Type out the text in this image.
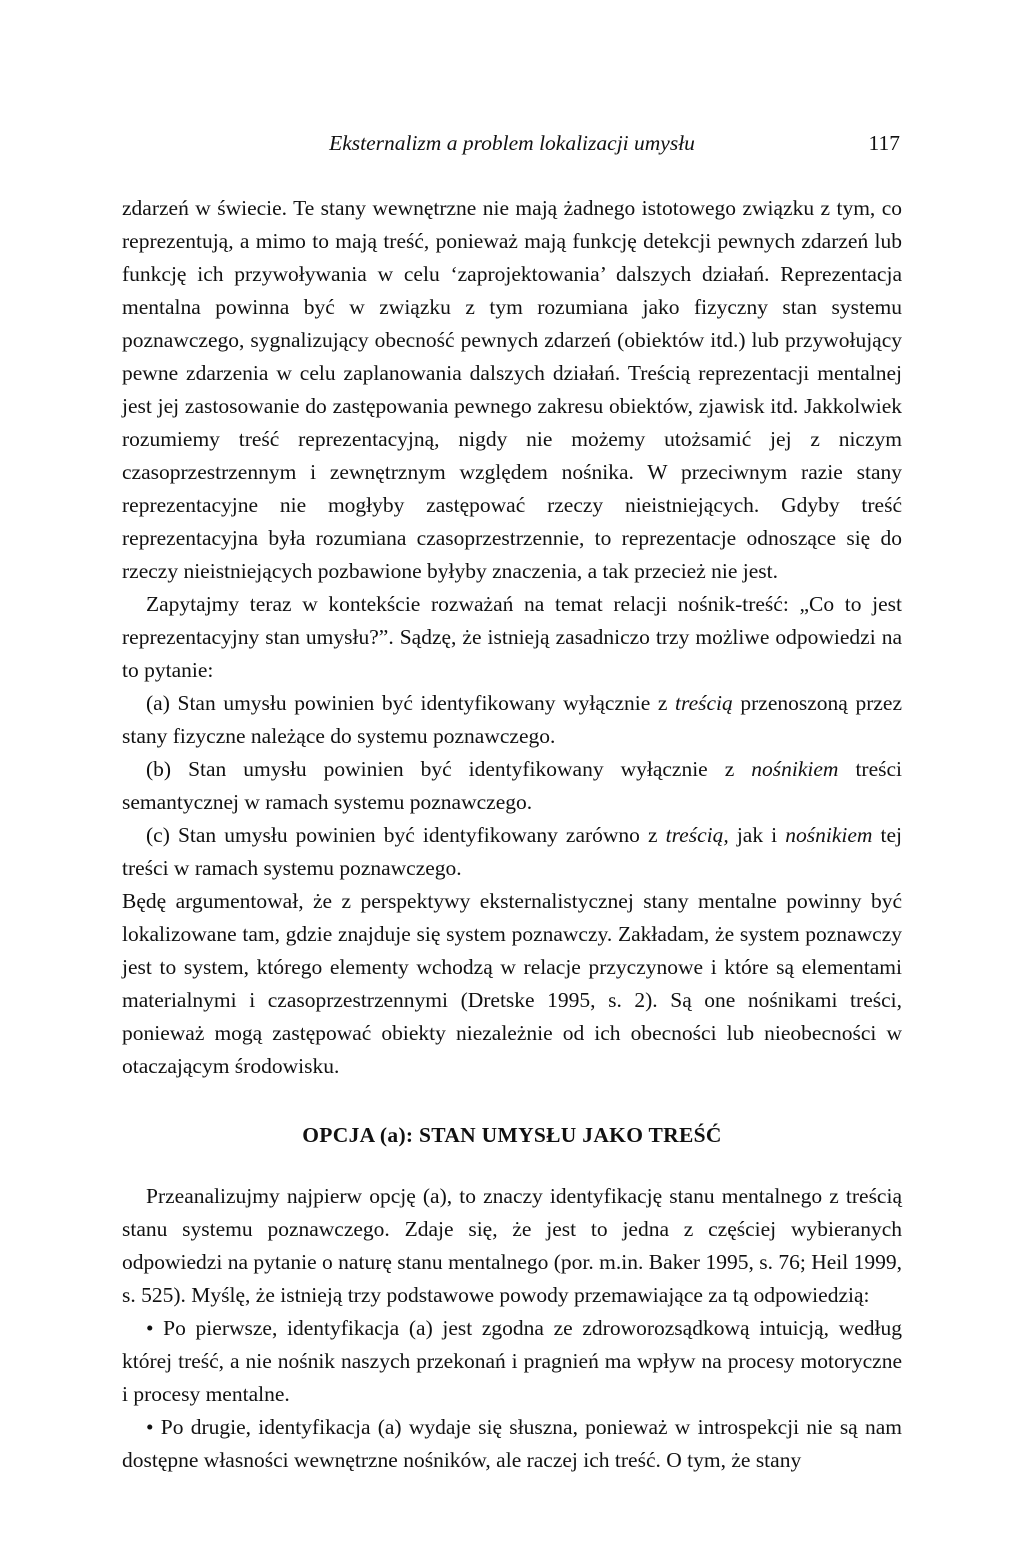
Eksternalizm a problem lokalizacji umysłu	117

zdarzeń w świecie. Te stany wewnętrzne nie mają żadnego istotowego związku z tym, co reprezentują, a mimo to mają treść, ponieważ mają funkcję detekcji pewnych zdarzeń lub funkcję ich przywoływania w celu ‘zaprojektowania’ dalszych działań. Reprezentacja mentalna powinna być w związku z tym rozumiana jako fizyczny stan systemu poznawczego, sygnalizujący obecność pewnych zdarzeń (obiektów itd.) lub przywołujący pewne zdarzenia w celu zaplanowania dalszych działań. Treścią reprezentacji mentalnej jest jej zastosowanie do zastępowania pewnego zakresu obiektów, zjawisk itd. Jakkolwiek rozumiemy treść reprezentacyjną, nigdy nie możemy utożsamić jej z niczym czasoprzestrzennym i zewnętrznym względem nośnika. W przeciwnym razie stany reprezentacyjne nie mogłyby zastępować rzeczy nieistniejących. Gdyby treść reprezentacyjna była rozumiana czasoprzestrzennie, to reprezentacje odnoszące się do rzeczy nieistniejących pozbawione byłyby znaczenia, a tak przecież nie jest.

Zapytajmy teraz w kontekście rozważań na temat relacji nośnik-treść: „Co to jest reprezentacyjny stan umysłu?”. Sądzę, że istnieją zasadniczo trzy możliwe odpowiedzi na to pytanie:

(a) Stan umysłu powinien być identyfikowany wyłącznie z treścią przenoszoną przez stany fizyczne należące do systemu poznawczego.

(b) Stan umysłu powinien być identyfikowany wyłącznie z nośnikiem treści semantycznej w ramach systemu poznawczego.

(c) Stan umysłu powinien być identyfikowany zarówno z treścią, jak i nośnikiem tej treści w ramach systemu poznawczego.

Będę argumentował, że z perspektywy eksternalistycznej stany mentalne powinny być lokalizowane tam, gdzie znajduje się system poznawczy. Zakładam, że system poznawczy jest to system, którego elementy wchodzą w relacje przyczynowe i które są elementami materialnymi i czasoprzestrzennymi (Dretske 1995, s. 2). Są one nośnikami treści, ponieważ mogą zastępować obiekty niezależnie od ich obecności lub nieobecności w otaczającym środowisku.

OPCJA (a): STAN UMYSŁU JAKO TREŚĆ

Przeanalizujmy najpierw opcję (a), to znaczy identyfikację stanu mentalnego z treścią stanu systemu poznawczego. Zdaje się, że jest to jedna z częściej wybieranych odpowiedzi na pytanie o naturę stanu mentalnego (por. m.in. Baker 1995, s. 76; Heil 1999, s. 525). Myślę, że istnieją trzy podstawowe powody przemawiające za tą odpowiedzią:

• Po pierwsze, identyfikacja (a) jest zgodna ze zdroworozsądkową intuicją, według której treść, a nie nośnik naszych przekonań i pragnień ma wpływ na procesy motoryczne i procesy mentalne.

• Po drugie, identyfikacja (a) wydaje się słuszna, ponieważ w introspekcji nie są nam dostępne własności wewnętrzne nośników, ale raczej ich treść. O tym, że stany
